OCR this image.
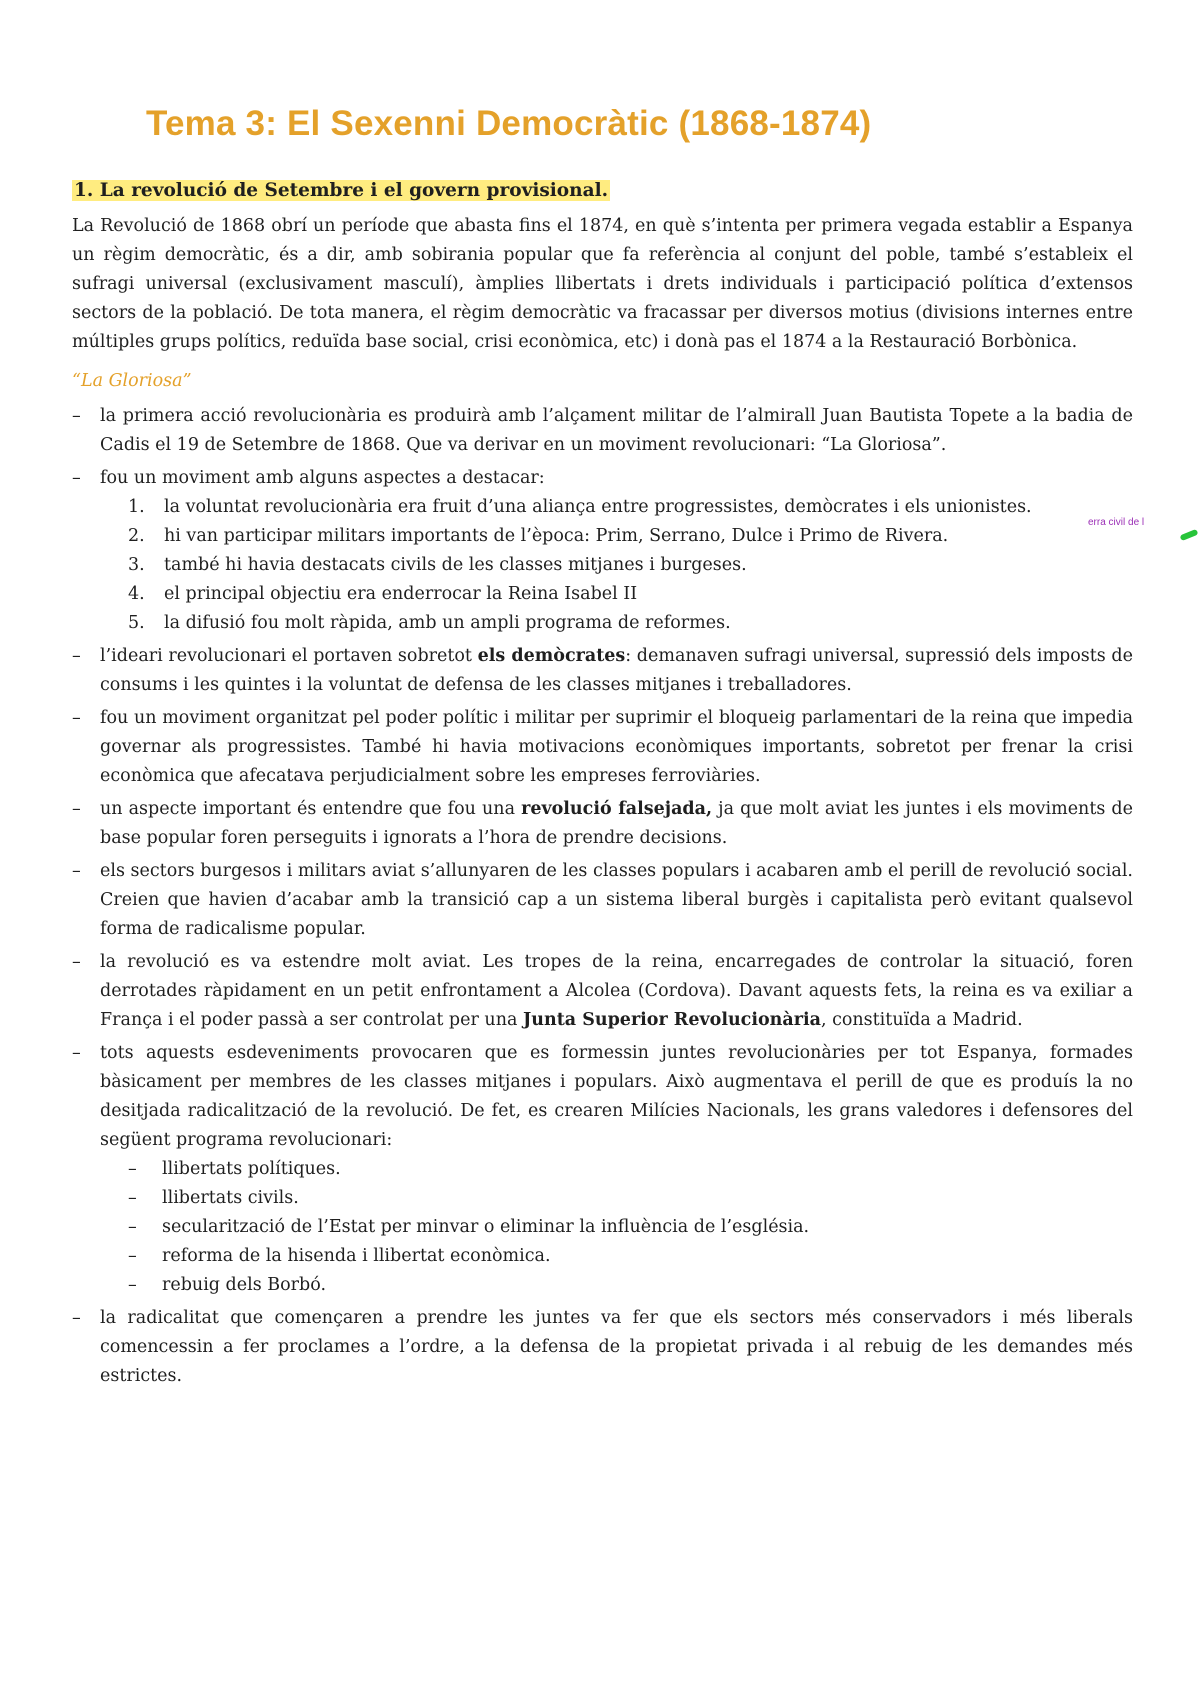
Tema 3: El Sexenni Democràtic (1868-1874)
1. La revolució de Setembre i el govern provisional.

La Revolució de 1868 obrí un període que abasta fins el 1874, en què s’intenta per primera vegada establir a Espanya un règim democràtic, és a dir, amb sobirania popular que fa referència al conjunt del poble, també s’estableix el sufragi universal (exclusivament masculí), àmplies llibertats i drets individuals i participació política d’extensos sectors de la població. De tota manera, el règim democràtic va fracassar per diversos motius (divisions internes entre múltiples grups polítics, reduïda base social, crisi econòmica, etc) i donà pas el 1874 a la Restauració Borbònica.

“La Gloriosa”
– la primera acció revolucionària es produirà amb l’alçament militar de l’almirall Juan Bautista Topete a la badia de Cadis el 19 de Setembre de 1868. Que va derivar en un moviment revolucionari: “La Gloriosa”.
– fou un moviment amb alguns aspectes a destacar:
1. la voluntat revolucionària era fruit d’una aliança entre progressistes, demòcrates i els unionistes.
2. hi van participar militars importants de l’època: Prim, Serrano, Dulce i Primo de Rivera.
3. també hi havia destacats civils de les classes mitjanes i burgeses.
4. el principal objectiu era enderrocar la Reina Isabel II
5. la difusió fou molt ràpida, amb un ampli programa de reformes.
– l’ideari revolucionari el portaven sobretot els demòcrates: demanaven sufragi universal, supressió dels imposts de consums i les quintes i la voluntat de defensa de les classes mitjanes i treballadores.
– fou un moviment organitzat pel poder polític i militar per suprimir el bloqueig parlamentari de la reina que impedia governar als progressistes. També hi havia motivacions econòmiques importants, sobretot per frenar la crisi econòmica que afecatava perjudicialment sobre les empreses ferroviàries.
– un aspecte important és entendre que fou una revolució falsejada, ja que molt aviat les juntes i els moviments de base popular foren perseguits i ignorats a l’hora de prendre decisions.
– els sectors burgesos i militars aviat s’allunyaren de les classes populars i acabaren amb el perill de revolució social. Creien que havien d’acabar amb la transició cap a un sistema liberal burgès i capitalista però evitant qualsevol forma de radicalisme popular.
– la revolució es va estendre molt aviat. Les tropes de la reina, encarregades de controlar la situació, foren derrotades ràpidament en un petit enfrontament a Alcolea (Cordova). Davant aquests fets, la reina es va exiliar a França i el poder passà a ser controlat per una Junta Superior Revolucionària, constituïda a Madrid.
– tots aquests esdeveniments provocaren que es formessin juntes revolucionàries per tot Espanya, formades bàsicament per membres de les classes mitjanes i populars. Això augmentava el perill de que es produís la no desitjada radicalització de la revolució. De fet, es crearen Milícies Nacionals, les grans valedores i defensores del següent programa revolucionari:
– llibertats polítiques.
– llibertats civils.
– secularització de l’Estat per minvar o eliminar la influència de l’església.
– reforma de la hisenda i llibertat econòmica.
– rebuig dels Borbó.
– la radicalitat que començaren a prendre les juntes va fer que els sectors més conservadors i més liberals comencessin a fer proclames a l’ordre, a la defensa de la propietat privada i al rebuig de les demandes més estrictes.
erra civil de l
